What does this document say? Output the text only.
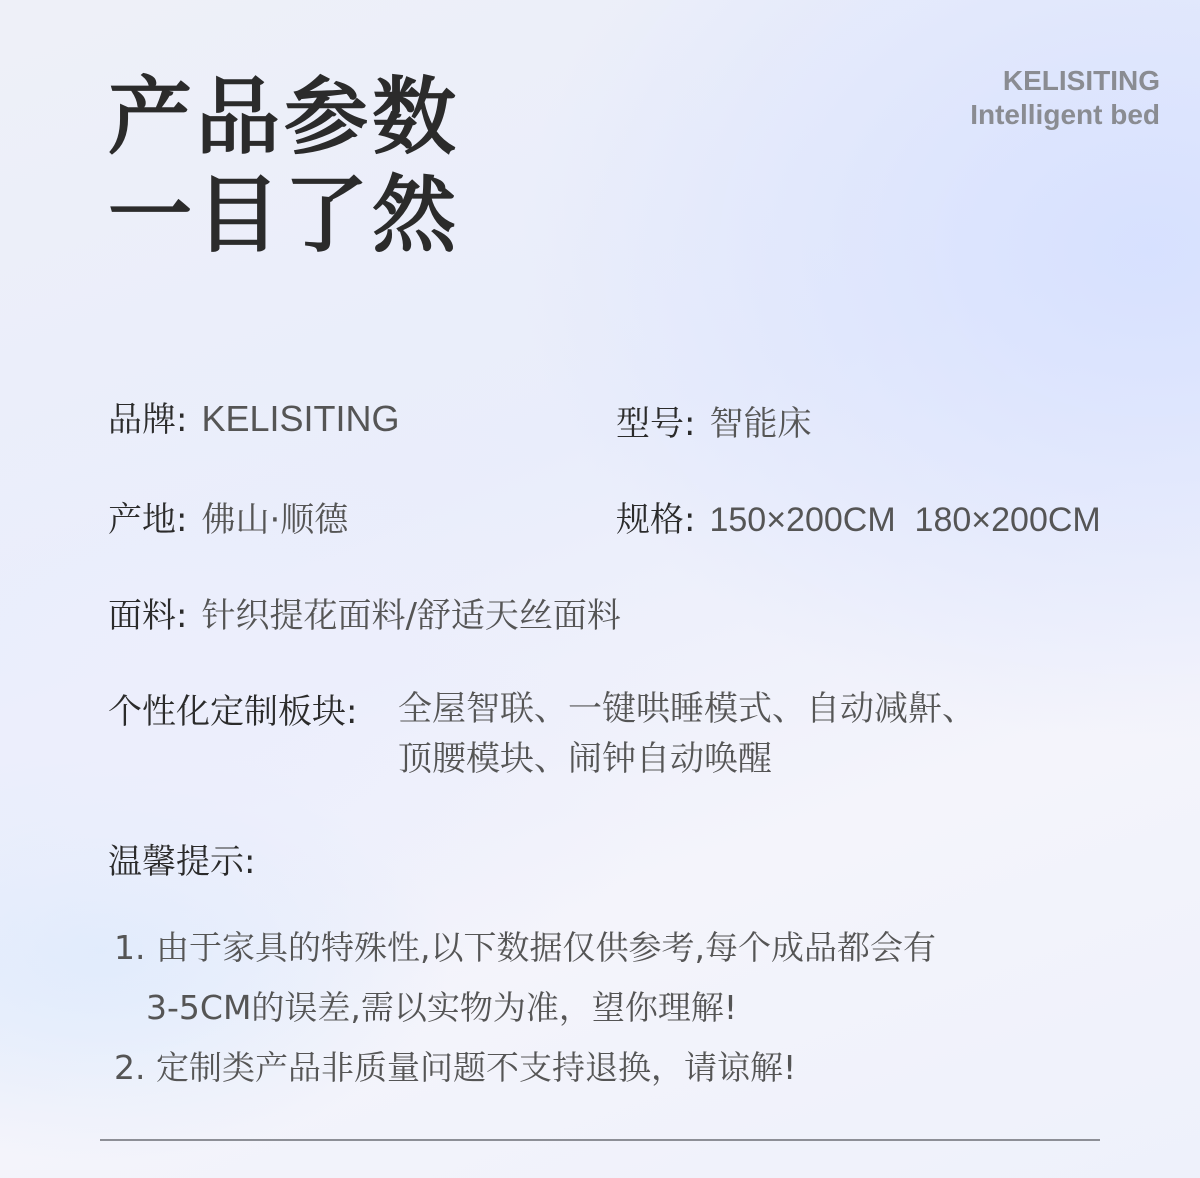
产品参数
一目了然
KELISITING
Intelligent bed
品牌: KELISITING	型号: 智能床
产地: 佛山·顺德	规格: 150×200CM  180×200CM
面料: 针织提花面料/舒适天丝面料
个性化定制板块: 全屋智联、一键哄睡模式、自动减鼾、
顶腰模块、闹钟自动唤醒
温馨提示:
1. 由于家具的特殊性,以下数据仅供参考,每个成品都会有
3-5CM的误差,需以实物为准，望你理解!
2. 定制类产品非质量问题不支持退换，请谅解!
